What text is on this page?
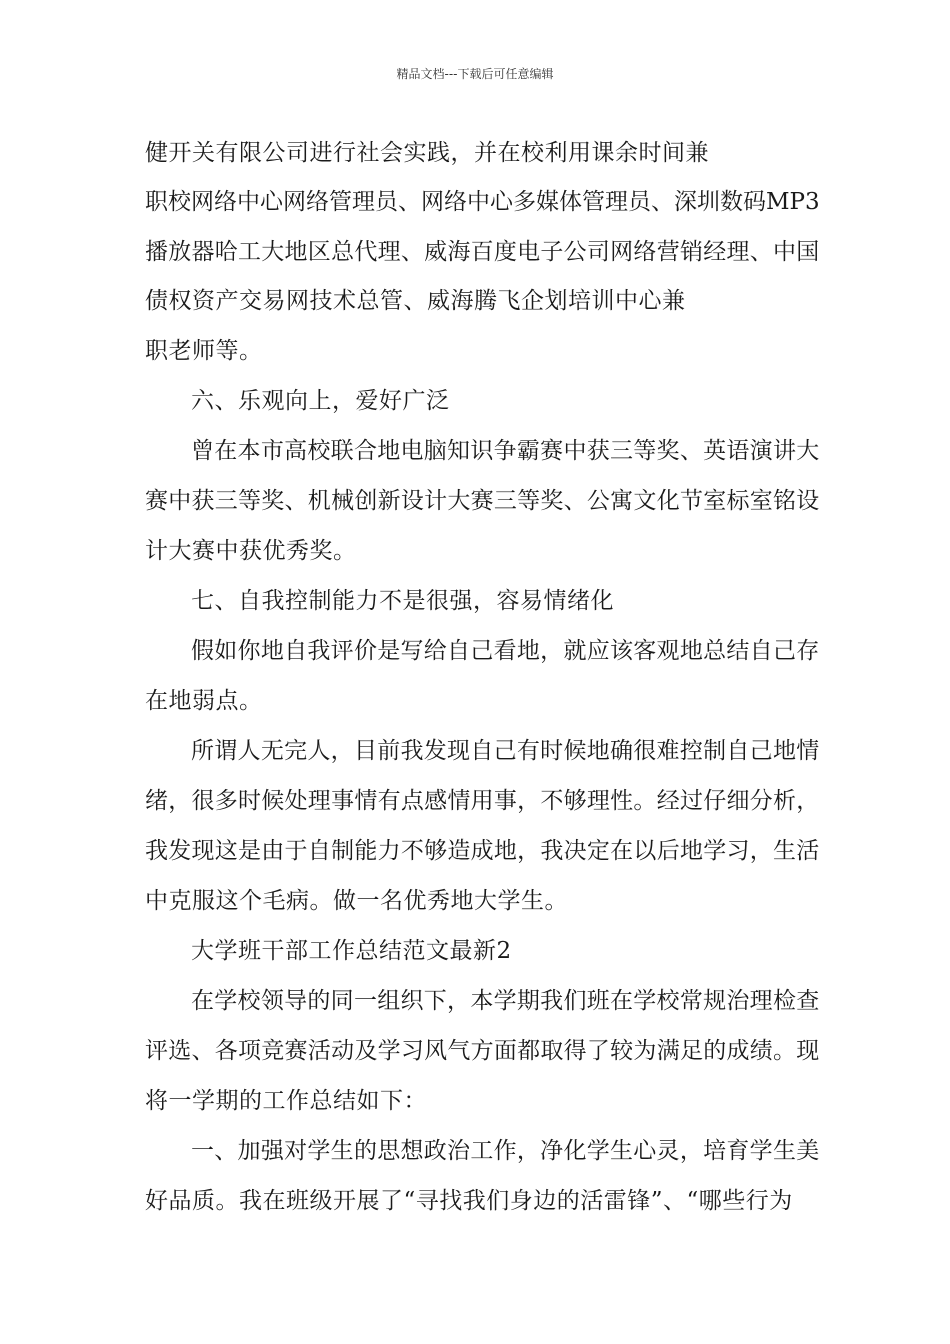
精品文档---下载后可任意编辑
健开关有限公司进行社会实践，并在校利用课余时间兼
职校网络中心网络管理员、网络中心多媒体管理员、深圳数码MP3
播放器哈工大地区总代理、威海百度电子公司网络营销经理、中国
债权资产交易网技术总管、威海腾飞企划培训中心兼
职老师等。
六、乐观向上，爱好广泛
曾在本市高校联合地电脑知识争霸赛中获三等奖、英语演讲大
赛中获三等奖、机械创新设计大赛三等奖、公寓文化节室标室铭设
计大赛中获优秀奖。
七、自我控制能力不是很强，容易情绪化
假如你地自我评价是写给自己看地，就应该客观地总结自己存
在地弱点。
所谓人无完人，目前我发现自己有时候地确很难控制自己地情
绪，很多时候处理事情有点感情用事，不够理性。经过仔细分析，
我发现这是由于自制能力不够造成地，我决定在以后地学习，生活
中克服这个毛病。做一名优秀地大学生。
大学班干部工作总结范文最新2
在学校领导的同一组织下，本学期我们班在学校常规治理检查
评选、各项竞赛活动及学习风气方面都取得了较为满足的成绩。现
将一学期的工作总结如下：
一、加强对学生的思想政治工作，净化学生心灵，培育学生美
好品质。我在班级开展了“寻找我们身边的活雷锋”、“哪些行为
